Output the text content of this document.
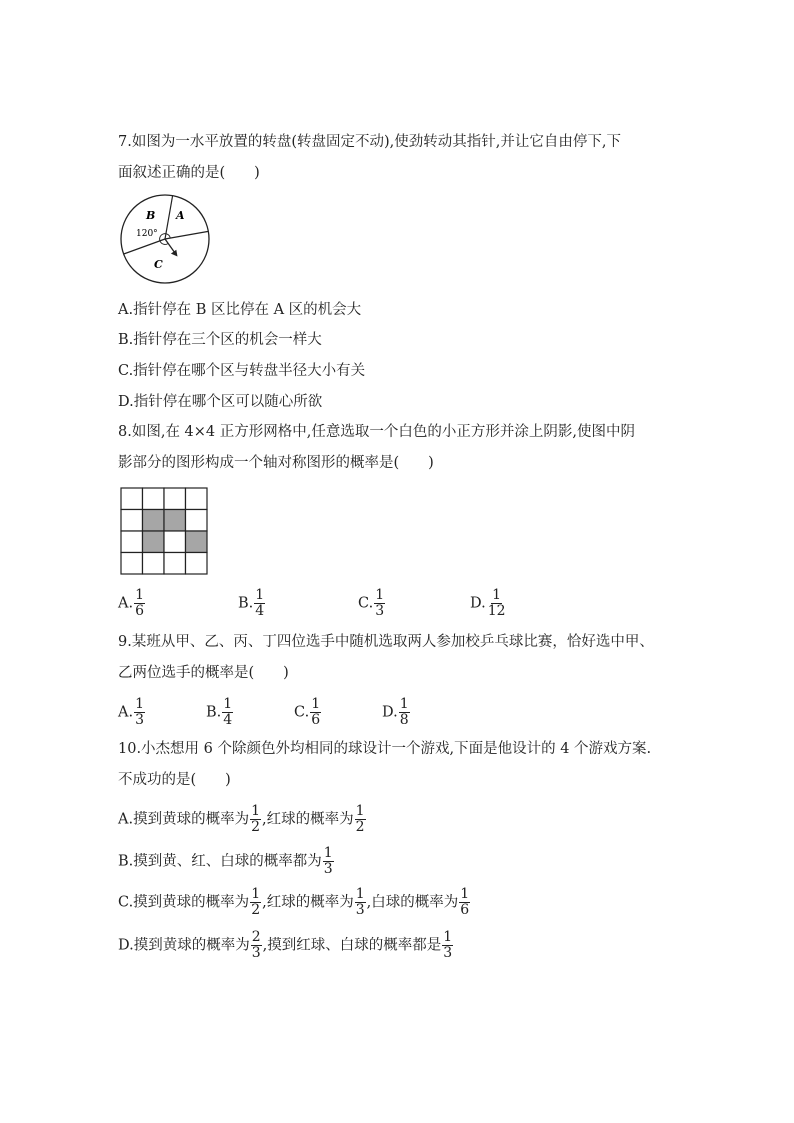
7.如图为一水平放置的转盘(转盘固定不动),使劲转动其指针,并让它自由停下,下
面叙述正确的是(　　)
B A
C
120°
A.指针停在 B 区比停在 A 区的机会大
B.指针停在三个区的机会一样大
C.指针停在哪个区与转盘半径大小有关
D.指针停在哪个区可以随心所欲
8.如图,在 4×4 正方形网格中,任意选取一个白色的小正方形并涂上阴影,使图中阴
影部分的图形构成一个轴对称图形的概率是(　　)
A. $\frac{1}{6}$	B. $\frac{1}{4}$	C. $\frac{1}{3}$	D. $\frac{1}{12}$
9.某班从甲、乙、丙、丁四位选手中随机选取两人参加校乒乓球比赛，恰好选中甲、
乙两位选手的概率是(　　)
A. $\frac{1}{3}$	B. $\frac{1}{4}$	C. $\frac{1}{6}$	D. $\frac{1}{8}$
10.小杰想用 6 个除颜色外均相同的球设计一个游戏,下面是他设计的 4 个游戏方案.
不成功的是(　　)
A.摸到黄球的概率为 $\frac{1}{2}$ ,红球的概率为 $\frac{1}{2}$
B.摸到黄、红、白球的概率都为 $\frac{1}{3}$
C.摸到黄球的概率为 $\frac{1}{2}$ ,红球的概率为 $\frac{1}{3}$ ,白球的概率为 $\frac{1}{6}$
D.摸到黄球的概率为 $\frac{2}{3}$ ,摸到红球、白球的概率都是 $\frac{1}{3}$
